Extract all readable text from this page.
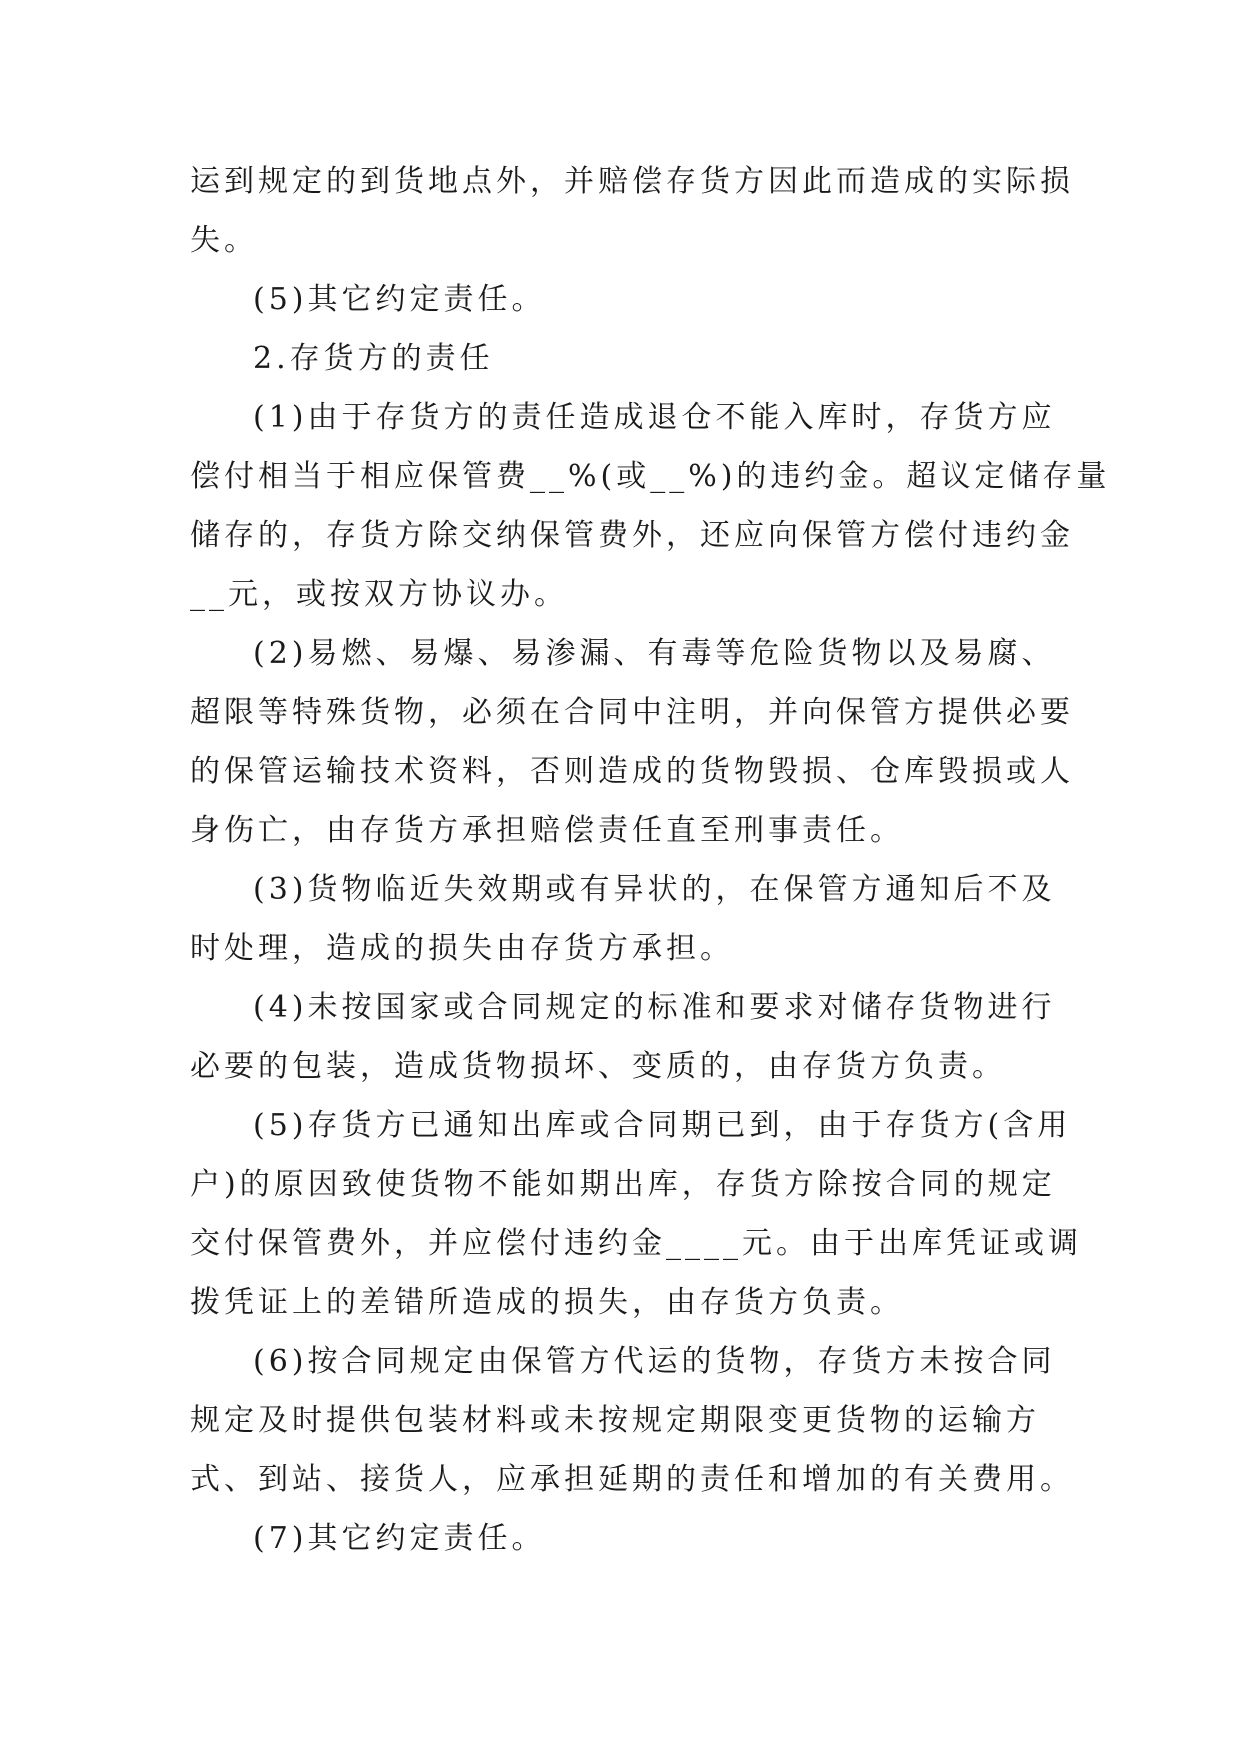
运到规定的到货地点外，并赔偿存货方因此而造成的实际损
失。
(5)其它约定责任。
2.存货方的责任
(1)由于存货方的责任造成退仓不能入库时，存货方应
偿付相当于相应保管费__%(或__%)的违约金。超议定储存量
储存的，存货方除交纳保管费外，还应向保管方偿付违约金
__元，或按双方协议办。
(2)易燃、易爆、易渗漏、有毒等危险货物以及易腐、
超限等特殊货物，必须在合同中注明，并向保管方提供必要
的保管运输技术资料，否则造成的货物毁损、仓库毁损或人
身伤亡，由存货方承担赔偿责任直至刑事责任。
(3)货物临近失效期或有异状的，在保管方通知后不及
时处理，造成的损失由存货方承担。
(4)未按国家或合同规定的标准和要求对储存货物进行
必要的包装，造成货物损坏、变质的，由存货方负责。
(5)存货方已通知出库或合同期已到，由于存货方(含用
户)的原因致使货物不能如期出库，存货方除按合同的规定
交付保管费外，并应偿付违约金____元。由于出库凭证或调
拨凭证上的差错所造成的损失，由存货方负责。
(6)按合同规定由保管方代运的货物，存货方未按合同
规定及时提供包装材料或未按规定期限变更货物的运输方
式、到站、接货人，应承担延期的责任和增加的有关费用。
(7)其它约定责任。
